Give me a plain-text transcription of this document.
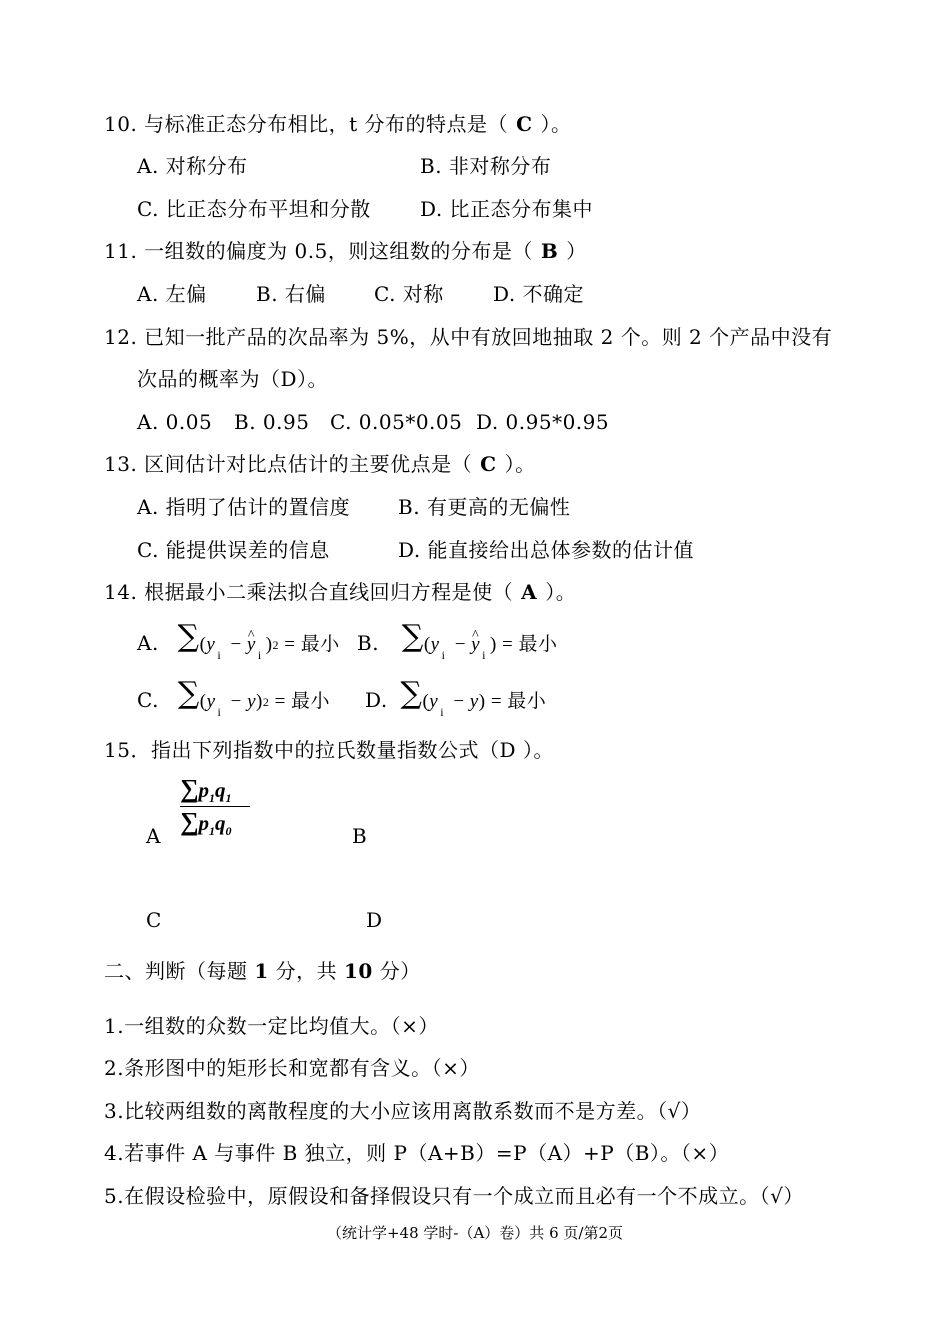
10. 与标准正态分布相比，t 分布的特点是（ C ）。
A. 对称分布	B. 非对称分布
C. 比正态分布平坦和分散 D. 比正态分布集中
11. 一组数的偏度为 0.5，则这组数的分布是（ B ）
A. 左偏 B. 右偏 C. 对称 D. 不确定
12. 已知一批产品的次品率为 5%，从中有放回地抽取 2 个。则 2 个产品中没有
次品的概率为（D）。
A. 0.05 B. 0.95 C. 0.05*0.05 D. 0.95*0.95
13. 区间估计对比点估计的主要优点是（ C ）。
A. 指明了估计的置信度 B. 有更高的无偏性
C. 能提供误差的信息	D. 能直接给出总体参数的估计值
14. 根据最小二乘法拟合直线回归方程是使（ A ）。
A. ∑(y $_i$ − y ^ $_i$ )2 = 最小 B. ∑(y $_i$ − y ^ $_i$ ) = 最小
C. ∑(y $_i$ − y)2 = 最小 D. ∑(y $_i$ − y) = 最小
15．指出下列指数中的拉氏数量指数公式（D ）。
$\frac{\sum p_1q_1}{\sum p_1q_0}$
A	B
C	D
二、判断（每题 1 分，共 10 分）
1.一组数的众数一定比均值大。（×）
2.条形图中的矩形长和宽都有含义。（×）
3.比较两组数的离散程度的大小应该用离散系数而不是方差。（√）
4.若事件 A 与事件 B 独立，则 P（A+B）=P（A）+P（B）。（×）
5.在假设检验中，原假设和备择假设只有一个成立而且必有一个不成立。（√）
（统计学+48 学时-（A）卷）共 6 页/第2页
